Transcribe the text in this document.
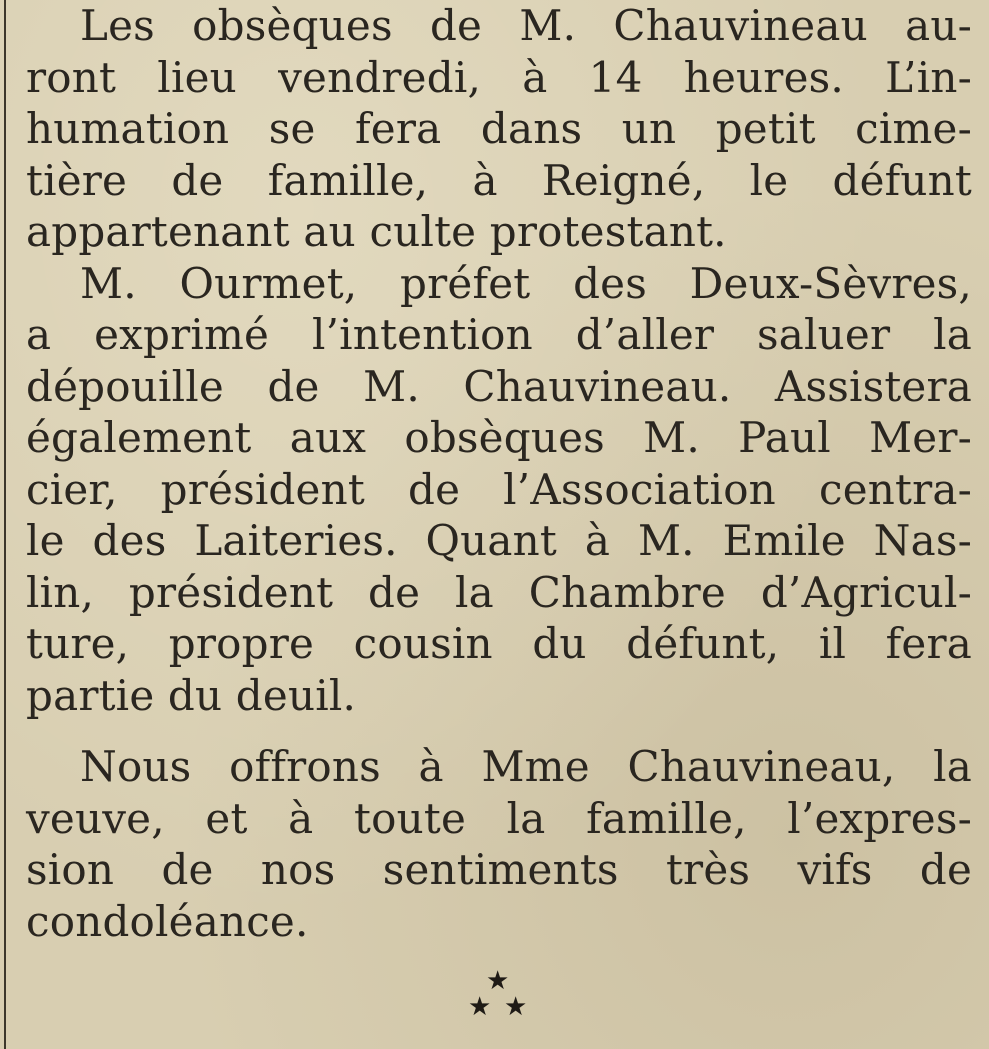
Les obsèques de M. Chauvineau au-
ront lieu vendredi, à 14 heures. L’in-
humation se fera dans un petit cime-
tière de famille, à Reigné, le défunt
appartenant au culte protestant.
M. Ourmet, préfet des Deux-Sèvres,
a exprimé l’intention d’aller saluer la
dépouille de M. Chauvineau. Assistera
également aux obsèques M. Paul Mer-
cier, président de l’Association centra-
le des Laiteries. Quant à M. Emile Nas-
lin, président de la Chambre d’Agricul-
ture, propre cousin du défunt, il fera
partie du deuil.
Nous offrons à Mme Chauvineau, la
veuve, et à toute la famille, l’expres-
sion de nos sentiments très vifs de
condoléance.
★
★ ★
